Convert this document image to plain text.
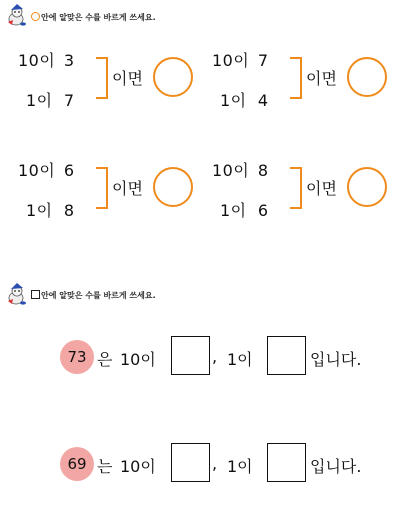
안에 알맞은 수를 바르게 쓰세요.
10이 3
1이 7
이면
10이 7
1이 4
이면
10이 6
1이 8
이면
10이 8
1이 6
이면
안에 알맞은 수를 바르게 쓰세요.
73 은 10이	, 1이	입니다.
69 는 10이	, 1이	입니다.
